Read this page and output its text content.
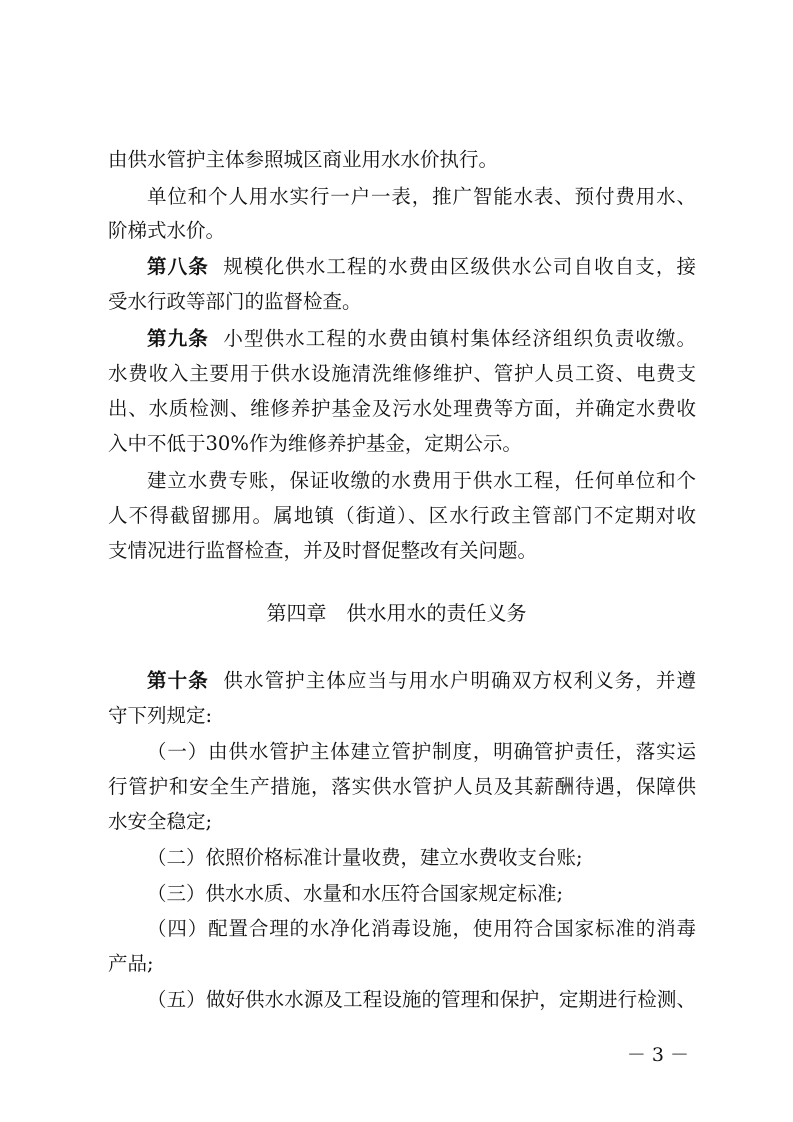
由供水管护主体参照城区商业用水水价执行。
单位和个人用水实行一户一表，推广智能水表、预付费用水、
阶梯式水价。
第八条 规模化供水工程的水费由区级供水公司自收自支，接
受水行政等部门的监督检查。
第九条 小型供水工程的水费由镇村集体经济组织负责收缴。
水费收入主要用于供水设施清洗维修维护、管护人员工资、电费支
出、水质检测、维修养护基金及污水处理费等方面，并确定水费收
入中不低于30%作为维修养护基金，定期公示。
建立水费专账，保证收缴的水费用于供水工程，任何单位和个
人不得截留挪用。属地镇（街道）、区水行政主管部门不定期对收
支情况进行监督检查，并及时督促整改有关问题。
第四章 供水用水的责任义务
第十条 供水管护主体应当与用水户明确双方权利义务，并遵
守下列规定:
（一）由供水管护主体建立管护制度，明确管护责任，落实运
行管护和安全生产措施，落实供水管护人员及其薪酬待遇，保障供
水安全稳定;
（二）依照价格标准计量收费，建立水费收支台账;
（三）供水水质、水量和水压符合国家规定标准;
（四）配置合理的水净化消毒设施，使用符合国家标准的消毒
产品;
（五）做好供水水源及工程设施的管理和保护，定期进行检测、
－ 3 －
